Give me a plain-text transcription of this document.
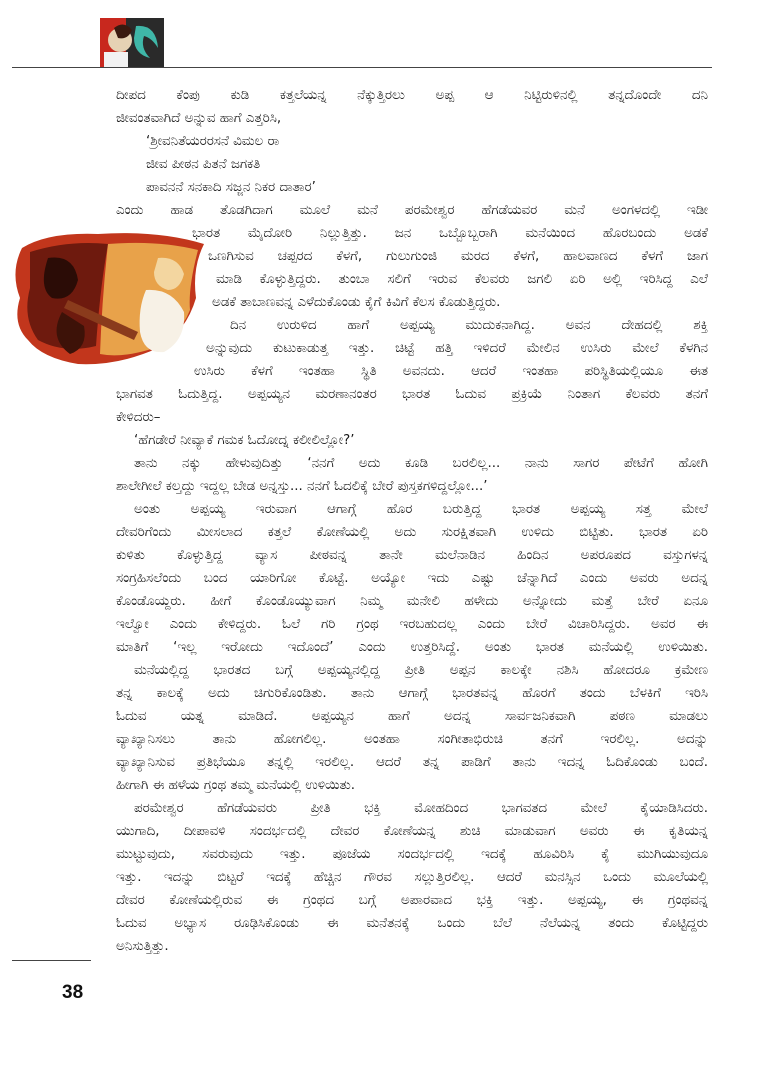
ದೀಪದ ಕೆಂಪು ಕುಡಿ ಕತ್ತಲೆಯನ್ನ ನೆಕ್ಕುತ್ತಿರಲು ಅಪ್ಪ ಆ ನಿಟ್ಟಿರುಳಿನಲ್ಲಿ ತನ್ನದೊಂದೇ ದನಿ
ಜೀವಂತವಾಗಿದೆ ಅನ್ನುವ ಹಾಗೆ ಎತ್ತರಿಸಿ,
‘ಶ್ರೀವನಿತೆಯರರಸನೆ ವಿಮಲ ರಾ
ಜೀವ ಪೀಠನ ಪಿತನೆ ಜಗಕತಿ
ಪಾವನನೆ ಸನಕಾದಿ ಸಜ್ಜನ ನಿಕರ ದಾತಾರ’
ಎಂದು ಹಾಡ ತೊಡಗಿದಾಗ ಮೂಲೆ ಮನೆ ಪರಮೇಶ್ವರ ಹೆಗಡೆಯವರ ಮನೆ ಅಂಗಳದಲ್ಲಿ ಇಡೀ
ಭಾರತ ಮೈದೋರಿ ನಿಲ್ಲುತ್ತಿತ್ತು. ಜನ ಒಬ್ಬೊಬ್ಬರಾಗಿ ಮನೆಯಿಂದ ಹೊರಬಂದು ಅಡಕೆ
ಒಣಗಿಸುವ ಚಪ್ಪರದ ಕೆಳಗೆ, ಗುಲುಗುಂಜಿ ಮರದ ಕೆಳಗೆ, ಹಾಲವಾಣದ ಕೆಳಗೆ ಜಾಗ
ಮಾಡಿ ಕೊಳ್ಳುತ್ತಿದ್ದರು. ತುಂಬಾ ಸಲಿಗೆ ಇರುವ ಕೆಲವರು ಜಗಲಿ ಏರಿ ಅಲ್ಲಿ ಇರಿಸಿದ್ದ ಎಲೆ
ಅಡಕೆ ತಾಬಾಣವನ್ನ ಎಳೆದುಕೊಂಡು ಕೈಗೆ ಕಿವಿಗೆ ಕೆಲಸ ಕೊಡುತ್ತಿದ್ದರು.
ದಿನ ಉರುಳಿದ ಹಾಗೆ ಅಪ್ಪಯ್ಯ ಮುದುಕನಾಗಿದ್ದ. ಅವನ ದೇಹದಲ್ಲಿ ಶಕ್ತಿ
ಅನ್ನುವುದು ಕುಟುಕಾಡುತ್ತ ಇತ್ತು. ಚಿಟ್ಟೆ ಹತ್ತಿ ಇಳಿದರೆ ಮೇಲಿನ ಉಸಿರು ಮೇಲೆ ಕೆಳಗಿನ
ಉಸಿರು ಕೆಳಗೆ ಇಂತಹಾ ಸ್ಥಿತಿ ಅವನದು. ಆದರೆ ಇಂತಹಾ ಪರಿಸ್ಥಿತಿಯಲ್ಲಿಯೂ ಈತ
ಭಾಗವತ ಓದುತ್ತಿದ್ದ. ಅಪ್ಪಯ್ಯನ ಮರಣಾನಂತರ ಭಾರತ ಓದುವ ಪ್ರಕ್ರಿಯೆ ನಿಂತಾಗ ಕೆಲವರು ತನಗೆ
ಕೇಳಿದರು–
‘ಹೆಗಡೇರೆ ನೀವ್ಯಾಕೆ ಗಮಕ ಓದೋದ್ನ ಕಲೀಲಿಲ್ಲೋ?’
ತಾನು ನಕ್ಕು ಹೇಳುವುದಿತ್ತು ‘ನನಗೆ ಅದು ಕೂಡಿ ಬರಲಿಲ್ಲ... ನಾನು ಸಾಗರ ಪೇಟೆಗೆ ಹೋಗಿ
ಶಾಲೇಗೀಲೆ ಕಲ್ತದ್ದು ಇದ್ದಲ್ಲ ಬೇಡ ಅನ್ನಸ್ತು... ನನಗೆ ಓದಲಿಕ್ಕೆ ಬೇರೆ ಪುಸ್ತಕಗಳಿದ್ದಲ್ಲೋ...’
ಅಂತು ಅಪ್ಪಯ್ಯ ಇರುವಾಗ ಆಗಾಗ್ಗೆ ಹೊರ ಬರುತ್ತಿದ್ದ ಭಾರತ ಅಪ್ಪಯ್ಯ ಸತ್ತ ಮೇಲೆ
ದೇವರಿಗೆಂದು ಮೀಸಲಾದ ಕತ್ತಲೆ ಕೋಣೆಯಲ್ಲಿ ಅದು ಸುರಕ್ಷಿತವಾಗಿ ಉಳಿದು ಬಿಟ್ಟಿತು. ಭಾರತ ಏರಿ
ಕುಳಿತು ಕೊಳ್ಳುತ್ತಿದ್ದ ವ್ಯಾಸ ಪೀಠವನ್ನ ತಾನೇ ಮಲೆನಾಡಿನ ಹಿಂದಿನ ಅಪರೂಪದ ವಸ್ತುಗಳನ್ನ
ಸಂಗ್ರಹಿಸಲೆಂದು ಬಂದ ಯಾರಿಗೋ ಕೊಟ್ಟೆ. ಅಯ್ಯೋ ಇದು ಎಷ್ಟು ಚೆನ್ನಾಗಿದೆ ಎಂದು ಅವರು ಅದನ್ನ
ಕೊಂಡೊಯ್ದರು. ಹೀಗೆ ಕೊಂಡೊಯ್ಯುವಾಗ ನಿಮ್ಮ ಮನೇಲಿ ಹಳೇದು ಅನ್ನೋದು ಮತ್ತೆ ಬೇರೆ ಏನೂ
ಇಲ್ವೋ ಎಂದು ಕೇಳಿದ್ದರು. ಓಲೆ ಗರಿ ಗ್ರಂಥ ಇರಬಹುದಲ್ಲ ಎಂದು ಬೇರೆ ವಿಚಾರಿಸಿದ್ದರು. ಅವರ ಈ
ಮಾತಿಗೆ ‘ಇಲ್ಲ ಇರೋದು ಇದೊಂದೆ’ ಎಂದು ಉತ್ತರಿಸಿದ್ದೆ. ಅಂತು ಭಾರತ ಮನೆಯಲ್ಲಿ ಉಳಿಯಿತು.
ಮನೆಯಲ್ಲಿದ್ದ ಭಾರತದ ಬಗ್ಗೆ ಅಪ್ಪಯ್ಯನಲ್ಲಿದ್ದ ಪ್ರೀತಿ ಅಪ್ಪನ ಕಾಲಕ್ಕೇ ನಶಿಸಿ ಹೋದರೂ ಕ್ರಮೇಣ
ತನ್ನ ಕಾಲಕ್ಕೆ ಅದು ಚಿಗುರಿಕೊಂಡಿತು. ತಾನು ಆಗಾಗ್ಗೆ ಭಾರತವನ್ನ ಹೊರಗೆ ತಂದು ಬೆಳಕಿಗೆ ಇರಿಸಿ
ಓದುವ ಯತ್ನ ಮಾಡಿದೆ. ಅಪ್ಪಯ್ಯನ ಹಾಗೆ ಅದನ್ನ ಸಾರ್ವಜನಿಕವಾಗಿ ಪಠಣ ಮಾಡಲು
ವ್ಯಾಖ್ಯಾನಿಸಲು ತಾನು ಹೋಗಲಿಲ್ಲ. ಅಂತಹಾ ಸಂಗೀತಾಭಿರುಚಿ ತನಗೆ ಇರಲಿಲ್ಲ. ಅದನ್ನು
ವ್ಯಾಖ್ಯಾನಿಸುವ ಪ್ರತಿಭೆಯೂ ತನ್ನಲ್ಲಿ ಇರಲಿಲ್ಲ. ಆದರೆ ತನ್ನ ಪಾಡಿಗೆ ತಾನು ಇದನ್ನ ಓದಿಕೊಂಡು ಬಂದೆ.
ಹೀಗಾಗಿ ಈ ಹಳೆಯ ಗ್ರಂಥ ತಮ್ಮ ಮನೆಯಲ್ಲಿ ಉಳಿಯಿತು.
ಪರಮೇಶ್ವರ ಹೆಗಡೆಯವರು ಪ್ರೀತಿ ಭಕ್ತಿ ಮೋಹದಿಂದ ಭಾಗವತದ ಮೇಲೆ ಕೈಯಾಡಿಸಿದರು.
ಯುಗಾದಿ, ದೀಪಾವಳಿ ಸಂದರ್ಭದಲ್ಲಿ ದೇವರ ಕೋಣೆಯನ್ನ ಶುಚಿ ಮಾಡುವಾಗ ಅವರು ಈ ಕೃತಿಯನ್ನ
ಮುಟ್ಟುವುದು, ಸವರುವುದು ಇತ್ತು. ಪೂಜೆಯ ಸಂದರ್ಭದಲ್ಲಿ ಇದಕ್ಕೆ ಹೂವಿರಿಸಿ ಕೈ ಮುಗಿಯುವುದೂ
ಇತ್ತು. ಇದನ್ನು ಬಿಟ್ಟರೆ ಇದಕ್ಕೆ ಹೆಚ್ಚಿನ ಗೌರವ ಸಲ್ಲುತ್ತಿರಲಿಲ್ಲ. ಆದರೆ ಮನಸ್ಸಿನ ಒಂದು ಮೂಲೆಯಲ್ಲಿ
ದೇವರ ಕೋಣೆಯಲ್ಲಿರುವ ಈ ಗ್ರಂಥದ ಬಗ್ಗೆ ಅಪಾರವಾದ ಭಕ್ತಿ ಇತ್ತು. ಅಪ್ಪಯ್ಯ, ಈ ಗ್ರಂಥವನ್ನ
ಓದುವ ಅಭ್ಯಾಸ ರೂಢಿಸಿಕೊಂಡು ಈ ಮನೆತನಕ್ಕೆ ಒಂದು ಬೆಲೆ ನೆಲೆಯನ್ನ ತಂದು ಕೊಟ್ಟಿದ್ದರು
ಅನಿಸುತ್ತಿತ್ತು.
38
